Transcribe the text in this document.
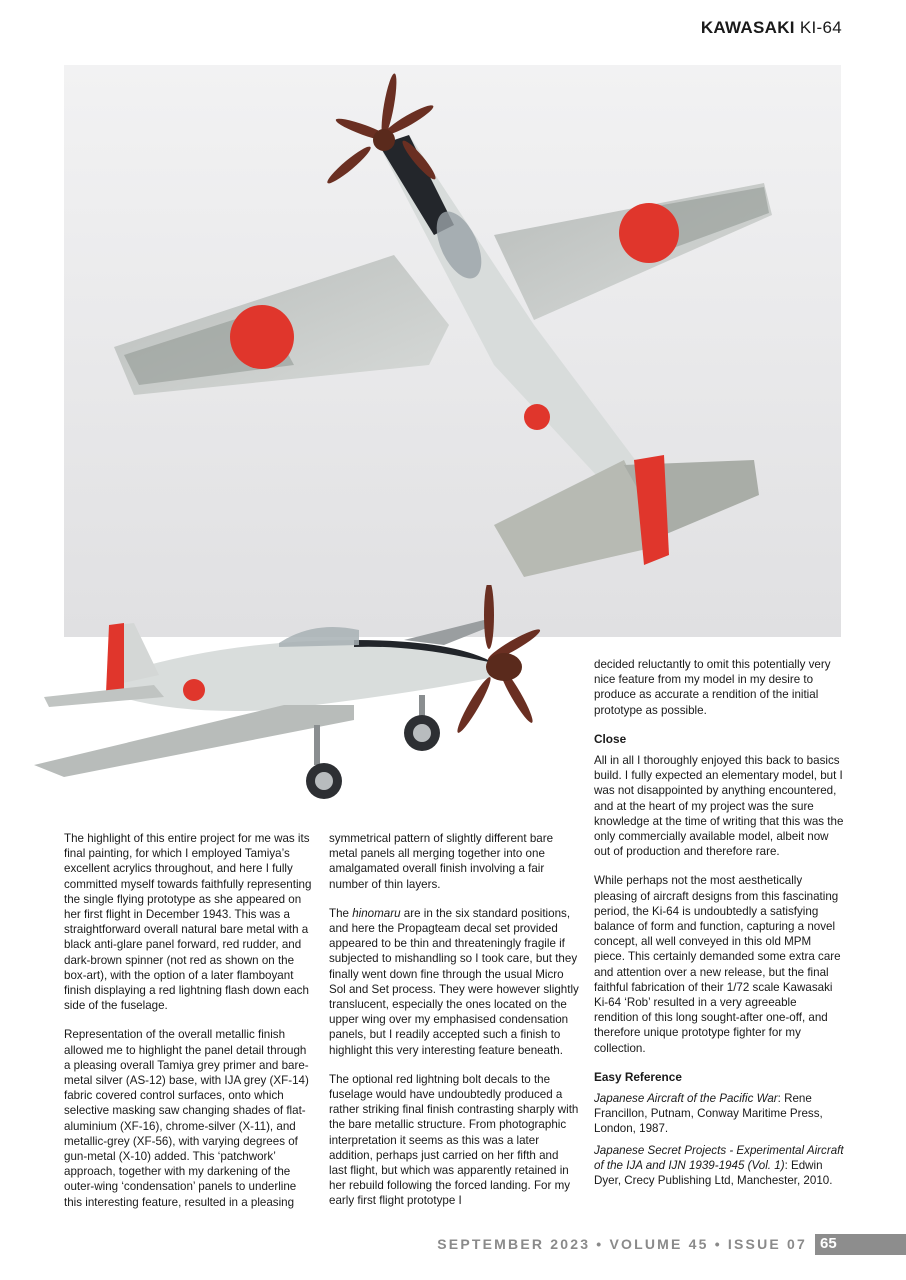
KAWASAKI KI-64

The highlight of this entire project for me was its final painting, for which I employed Tamiya’s excellent acrylics throughout, and here I fully committed myself towards faithfully representing the single flying prototype as she appeared on her first flight in December 1943. This was a straightforward overall natural bare metal with a black anti-glare panel forward, red rudder, and dark-brown spinner (not red as shown on the box-art), with the option of a later flamboyant finish displaying a red lightning flash down each side of the fuselage.

Representation of the overall metallic finish allowed me to highlight the panel detail through a pleasing overall Tamiya grey primer and bare-metal silver (AS-12) base, with IJA grey (XF-14) fabric covered control surfaces, onto which selective masking saw changing shades of flat-aluminium (XF-16), chrome-silver (X-11), and metallic-grey (XF-56), with varying degrees of gun-metal (X-10) added. This ‘patchwork’ approach, together with my darkening of the outer-wing ‘condensation’ panels to underline this interesting feature, resulted in a pleasing

symmetrical pattern of slightly different bare metal panels all merging together into one amalgamated overall finish involving a fair number of thin layers.

The hinomaru are in the six standard positions, and here the Propagteam decal set provided appeared to be thin and threateningly fragile if subjected to mishandling so I took care, but they finally went down fine through the usual Micro Sol and Set process. They were however slightly translucent, especially the ones located on the upper wing over my emphasised condensation panels, but I readily accepted such a finish to highlight this very interesting feature beneath.

The optional red lightning bolt decals to the fuselage would have undoubtedly produced a rather striking final finish contrasting sharply with the bare metallic structure. From photographic interpretation it seems as this was a later addition, perhaps just carried on her fifth and last flight, but which was apparently retained in her rebuild following the forced landing. For my early first flight prototype I

decided reluctantly to omit this potentially very nice feature from my model in my desire to produce as accurate a rendition of the initial prototype as possible.

Close

All in all I thoroughly enjoyed this back to basics build. I fully expected an elementary model, but I was not disappointed by anything encountered, and at the heart of my project was the sure knowledge at the time of writing that this was the only commercially available model, albeit now out of production and therefore rare.

While perhaps not the most aesthetically pleasing of aircraft designs from this fascinating period, the Ki-64 is undoubtedly a satisfying balance of form and function, capturing a novel concept, all well conveyed in this old MPM piece. This certainly demanded some extra care and attention over a new release, but the final faithful fabrication of their 1/72 scale Kawasaki Ki-64 ‘Rob’ resulted in a very agreeable rendition of this long sought-after one-off, and therefore unique prototype fighter for my collection.

Easy Reference

Japanese Aircraft of the Pacific War: Rene Francillon, Putnam, Conway Maritime Press, London, 1987.

Japanese Secret Projects - Experimental Aircraft of the IJA and IJN 1939-1945 (Vol. 1): Edwin Dyer, Crecy Publishing Ltd, Manchester, 2010.

SEPTEMBER 2023 • VOLUME 45 • ISSUE 07 65
